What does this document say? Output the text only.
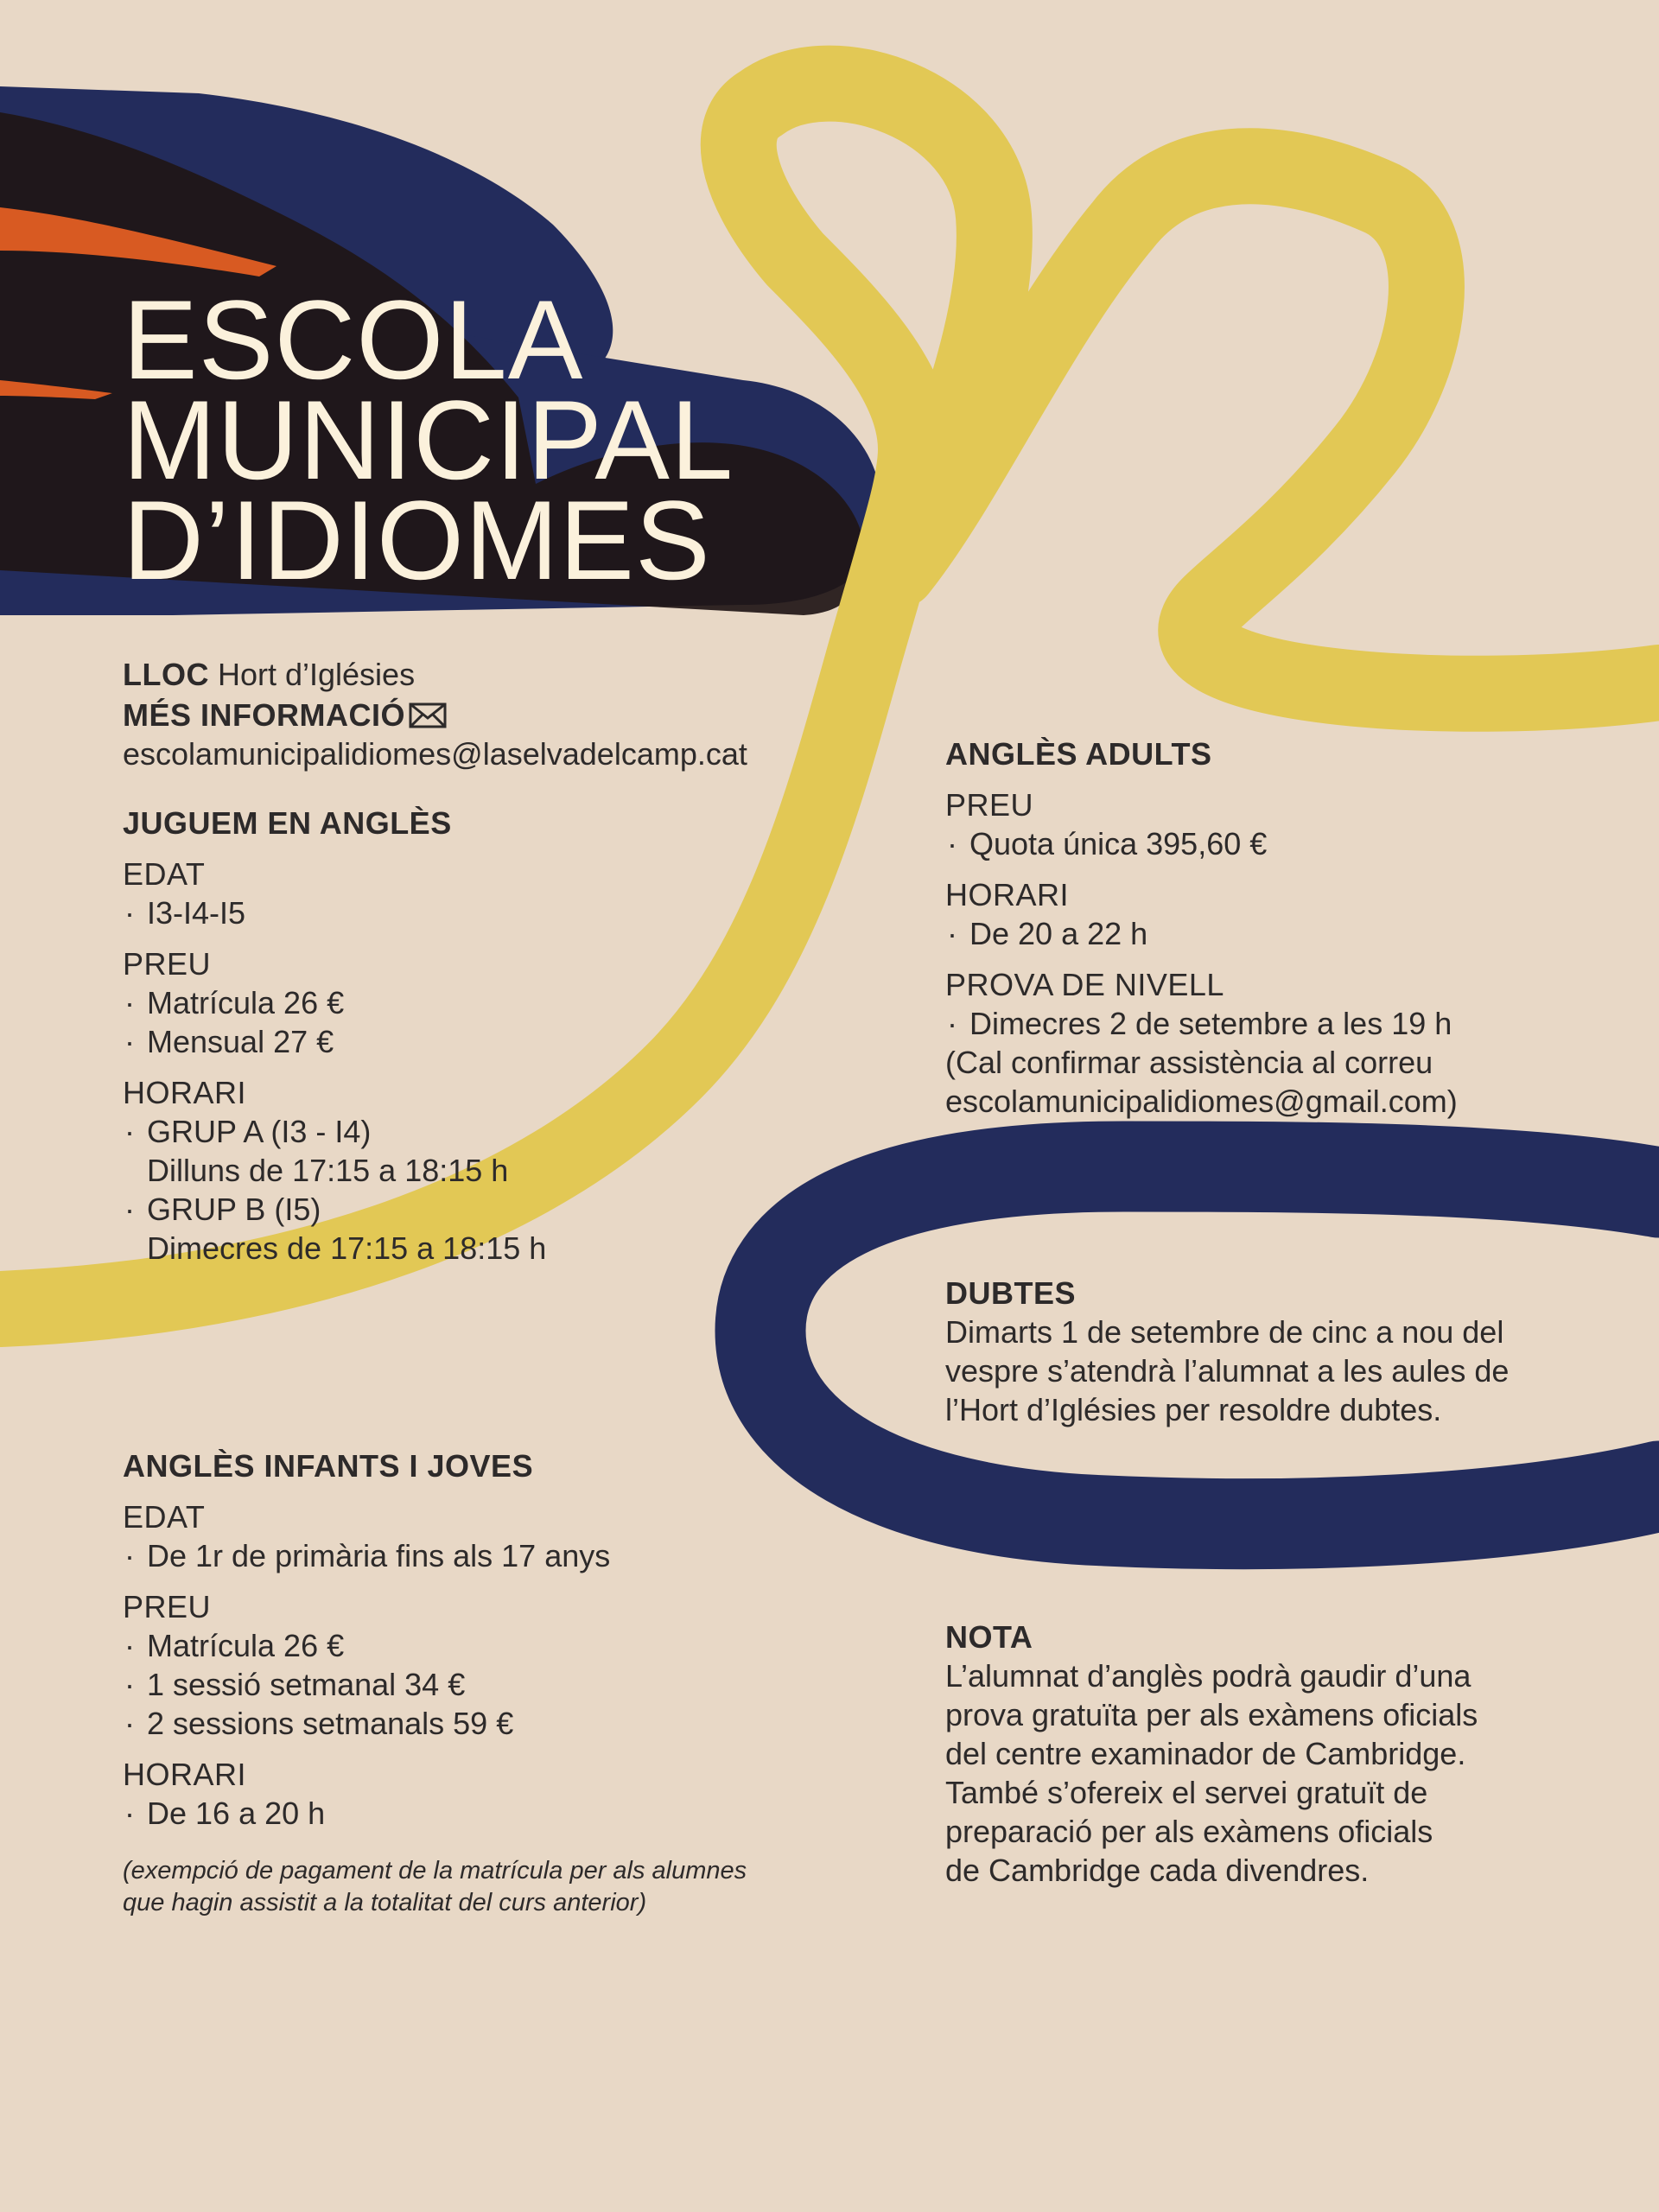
ESCOLA
MUNICIPAL
D’IDIOMES
LLOC Hort d’Iglésies
MÉS INFORMACIÓ
escolamunicipalidiomes@laselvadelcamp.cat
JUGUEM EN ANGLÈS
EDAT
· I3-I4-I5
PREU
· Matrícula 26 €
· Mensual 27 €
HORARI
· GRUP A (I3 - I4)
Dilluns de 17:15 a 18:15 h
· GRUP B (I5)
Dimecres de 17:15 a 18:15 h
ANGLÈS INFANTS I JOVES
EDAT
· De 1r de primària fins als 17 anys
PREU
· Matrícula 26 €
· 1 sessió setmanal 34 €
· 2 sessions setmanals 59 €
HORARI
· De 16 a 20 h
(exempció de pagament de la matrícula per als alumnes
que hagin assistit a la totalitat del curs anterior)
ANGLÈS ADULTS
PREU
· Quota única 395,60 €
HORARI
· De 20 a 22 h
PROVA DE NIVELL
· Dimecres 2 de setembre a les 19 h
(Cal confirmar assistència al correu
escolamunicipalidiomes@gmail.com)
DUBTES
Dimarts 1 de setembre de cinc a nou del
vespre s’atendrà l’alumnat a les aules de
l’Hort d’Iglésies per resoldre dubtes.
NOTA
L’alumnat d’anglès podrà gaudir d’una
prova gratuïta per als exàmens oficials
del centre examinador de Cambridge.
També s’ofereix el servei gratuït de
preparació per als exàmens oficials
de Cambridge cada divendres.
